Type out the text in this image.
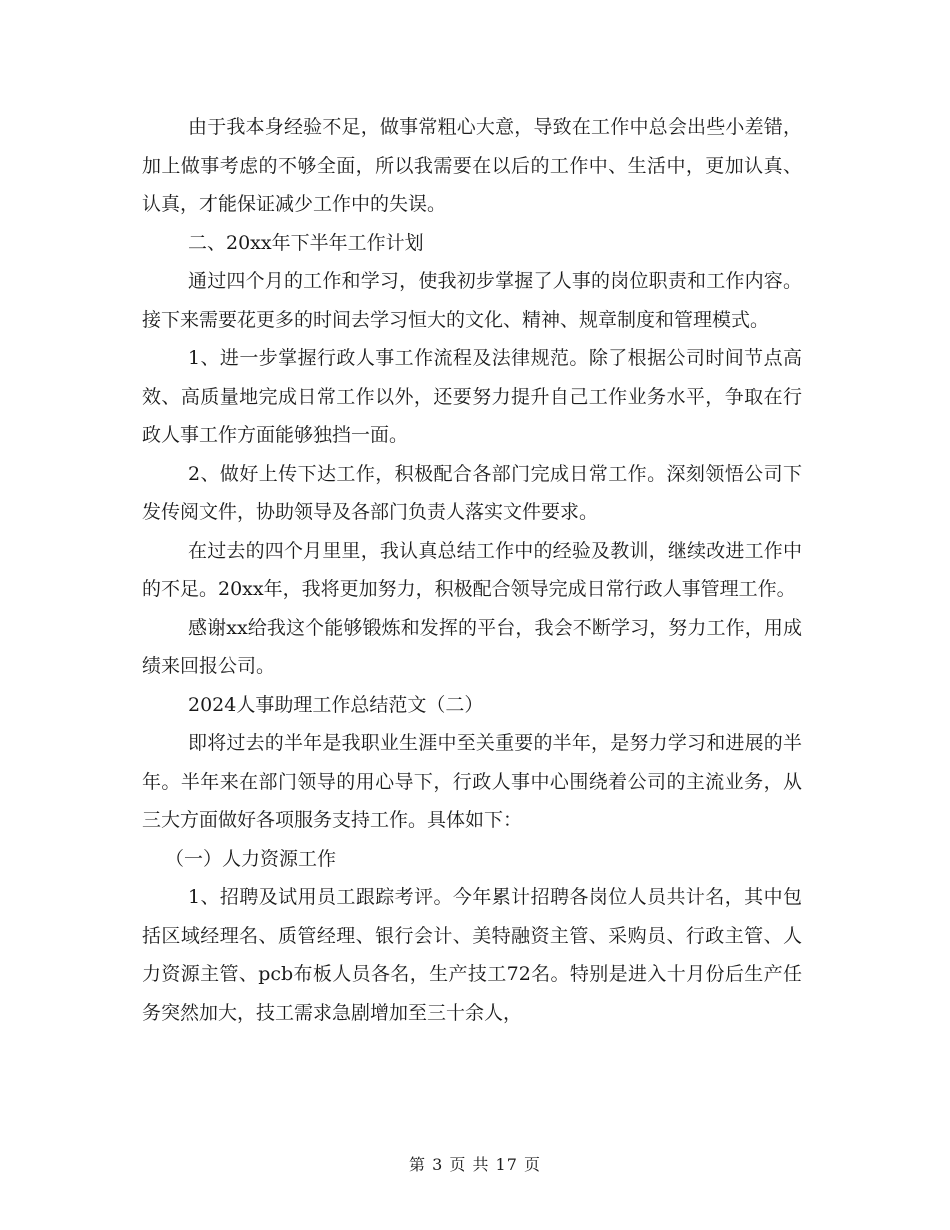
由于我本身经验不足，做事常粗心大意，导致在工作中总会出些小差错，加上做事考虑的不够全面，所以我需要在以后的工作中、生活中，更加认真、认真，才能保证减少工作中的失误。

二、20xx年下半年工作计划

通过四个月的工作和学习，使我初步掌握了人事的岗位职责和工作内容。接下来需要花更多的时间去学习恒大的文化、精神、规章制度和管理模式。

1、进一步掌握行政人事工作流程及法律规范。除了根据公司时间节点高效、高质量地完成日常工作以外，还要努力提升自己工作业务水平，争取在行政人事工作方面能够独挡一面。

2、做好上传下达工作，积极配合各部门完成日常工作。深刻领悟公司下发传阅文件，协助领导及各部门负责人落实文件要求。

在过去的四个月里里，我认真总结工作中的经验及教训，继续改进工作中的不足。20xx年，我将更加努力，积极配合领导完成日常行政人事管理工作。

感谢xx给我这个能够锻炼和发挥的平台，我会不断学习，努力工作，用成绩来回报公司。

2024人事助理工作总结范文（二）

即将过去的半年是我职业生涯中至关重要的半年，是努力学习和进展的半年。半年来在部门领导的用心导下，行政人事中心围绕着公司的主流业务，从三大方面做好各项服务支持工作。具体如下：

（一）人力资源工作

1、招聘及试用员工跟踪考评。今年累计招聘各岗位人员共计名，其中包括区域经理名、质管经理、银行会计、美特融资主管、采购员、行政主管、人力资源主管、pcb布板人员各名，生产技工72名。特别是进入十月份后生产任务突然加大，技工需求急剧增加至三十余人，

第 3 页 共 17 页
